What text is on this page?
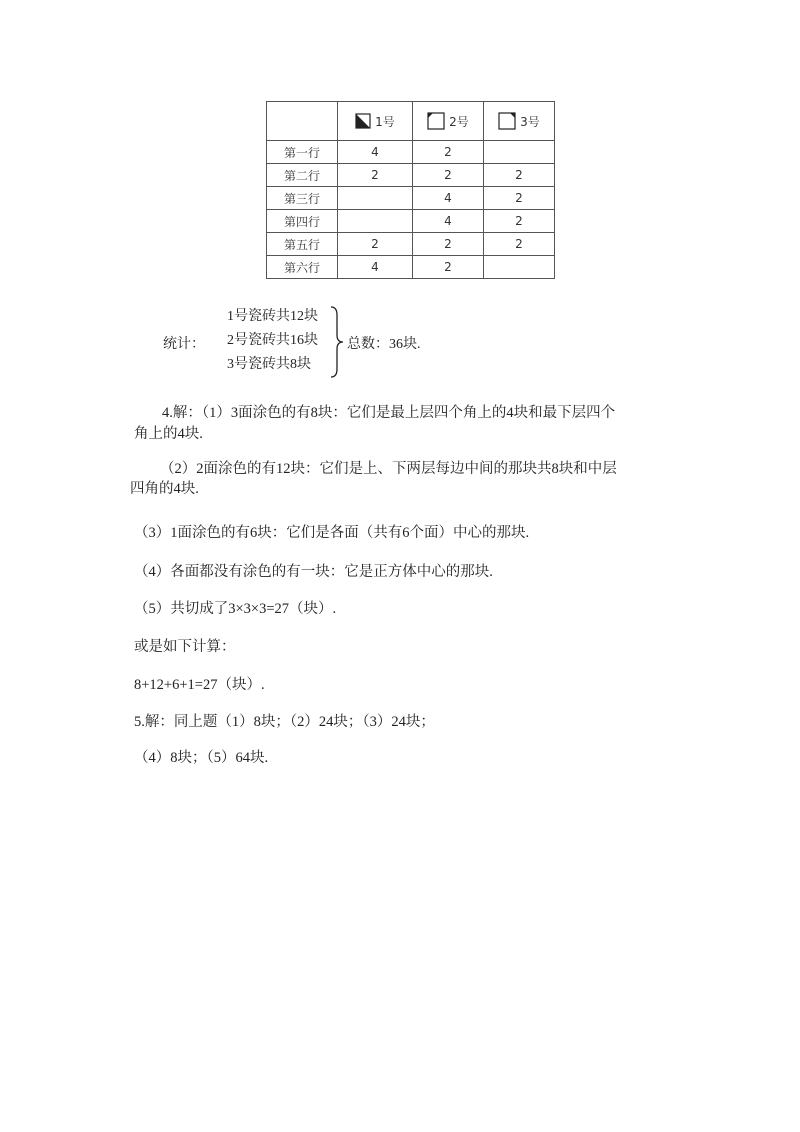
	1号	2号	3号

第一行	4	2	
第二行	2	2	2
第三行		4	2
第四行		4	2
第五行	2	2	2
第六行	4	2	
统计：
1号瓷砖共12块
2号瓷砖共16块
3号瓷砖共8块
总数：36块.
4.解：（1）3面涂色的有8块：它们是最上层四个角上的4块和最下层四个
角上的4块.
（2）2面涂色的有12块：它们是上、下两层每边中间的那块共8块和中层
四角的4块.
（3）1面涂色的有6块：它们是各面（共有6个面）中心的那块.
（4）各面都没有涂色的有一块：它是正方体中心的那块.
（5）共切成了3×3×3=27（块）.
或是如下计算：
8+12+6+1=27（块）.
5.解：同上题（1）8块；（2）24块；（3）24块；
（4）8块；（5）64块.
